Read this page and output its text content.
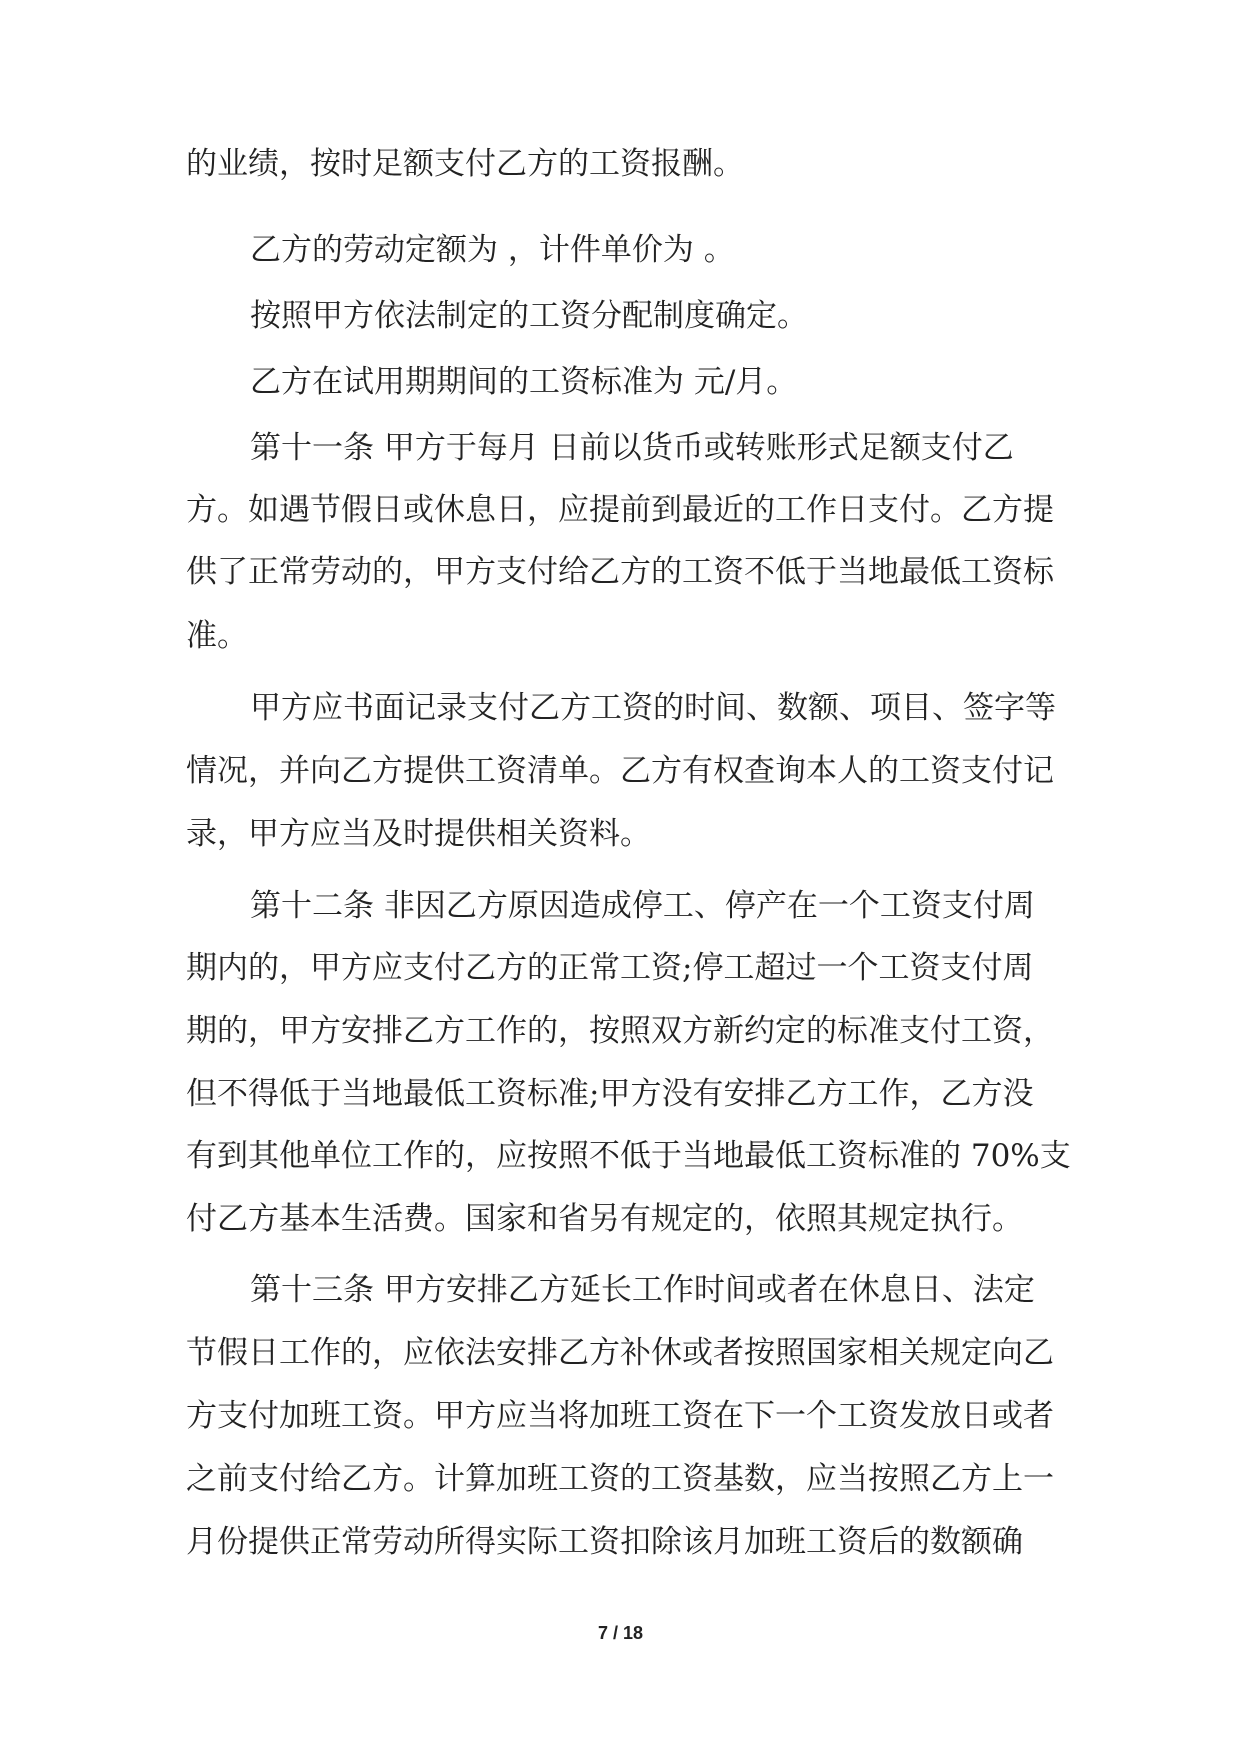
的业绩，按时足额支付乙方的工资报酬。
乙方的劳动定额为 ，计件单价为 。
按照甲方依法制定的工资分配制度确定。
乙方在试用期期间的工资标准为 元/月。
第十一条 甲方于每月 日前以货币或转账形式足额支付乙
方。如遇节假日或休息日，应提前到最近的工作日支付。乙方提
供了正常劳动的，甲方支付给乙方的工资不低于当地最低工资标
准。
甲方应书面记录支付乙方工资的时间、数额、项目、签字等
情况，并向乙方提供工资清单。乙方有权查询本人的工资支付记
录，甲方应当及时提供相关资料。
第十二条 非因乙方原因造成停工、停产在一个工资支付周
期内的，甲方应支付乙方的正常工资;停工超过一个工资支付周
期的，甲方安排乙方工作的，按照双方新约定的标准支付工资，
但不得低于当地最低工资标准;甲方没有安排乙方工作，乙方没
有到其他单位工作的，应按照不低于当地最低工资标准的 70%支
付乙方基本生活费。国家和省另有规定的，依照其规定执行。
第十三条 甲方安排乙方延长工作时间或者在休息日、法定
节假日工作的，应依法安排乙方补休或者按照国家相关规定向乙
方支付加班工资。甲方应当将加班工资在下一个工资发放日或者
之前支付给乙方。计算加班工资的工资基数，应当按照乙方上一
月份提供正常劳动所得实际工资扣除该月加班工资后的数额确
7 / 18
